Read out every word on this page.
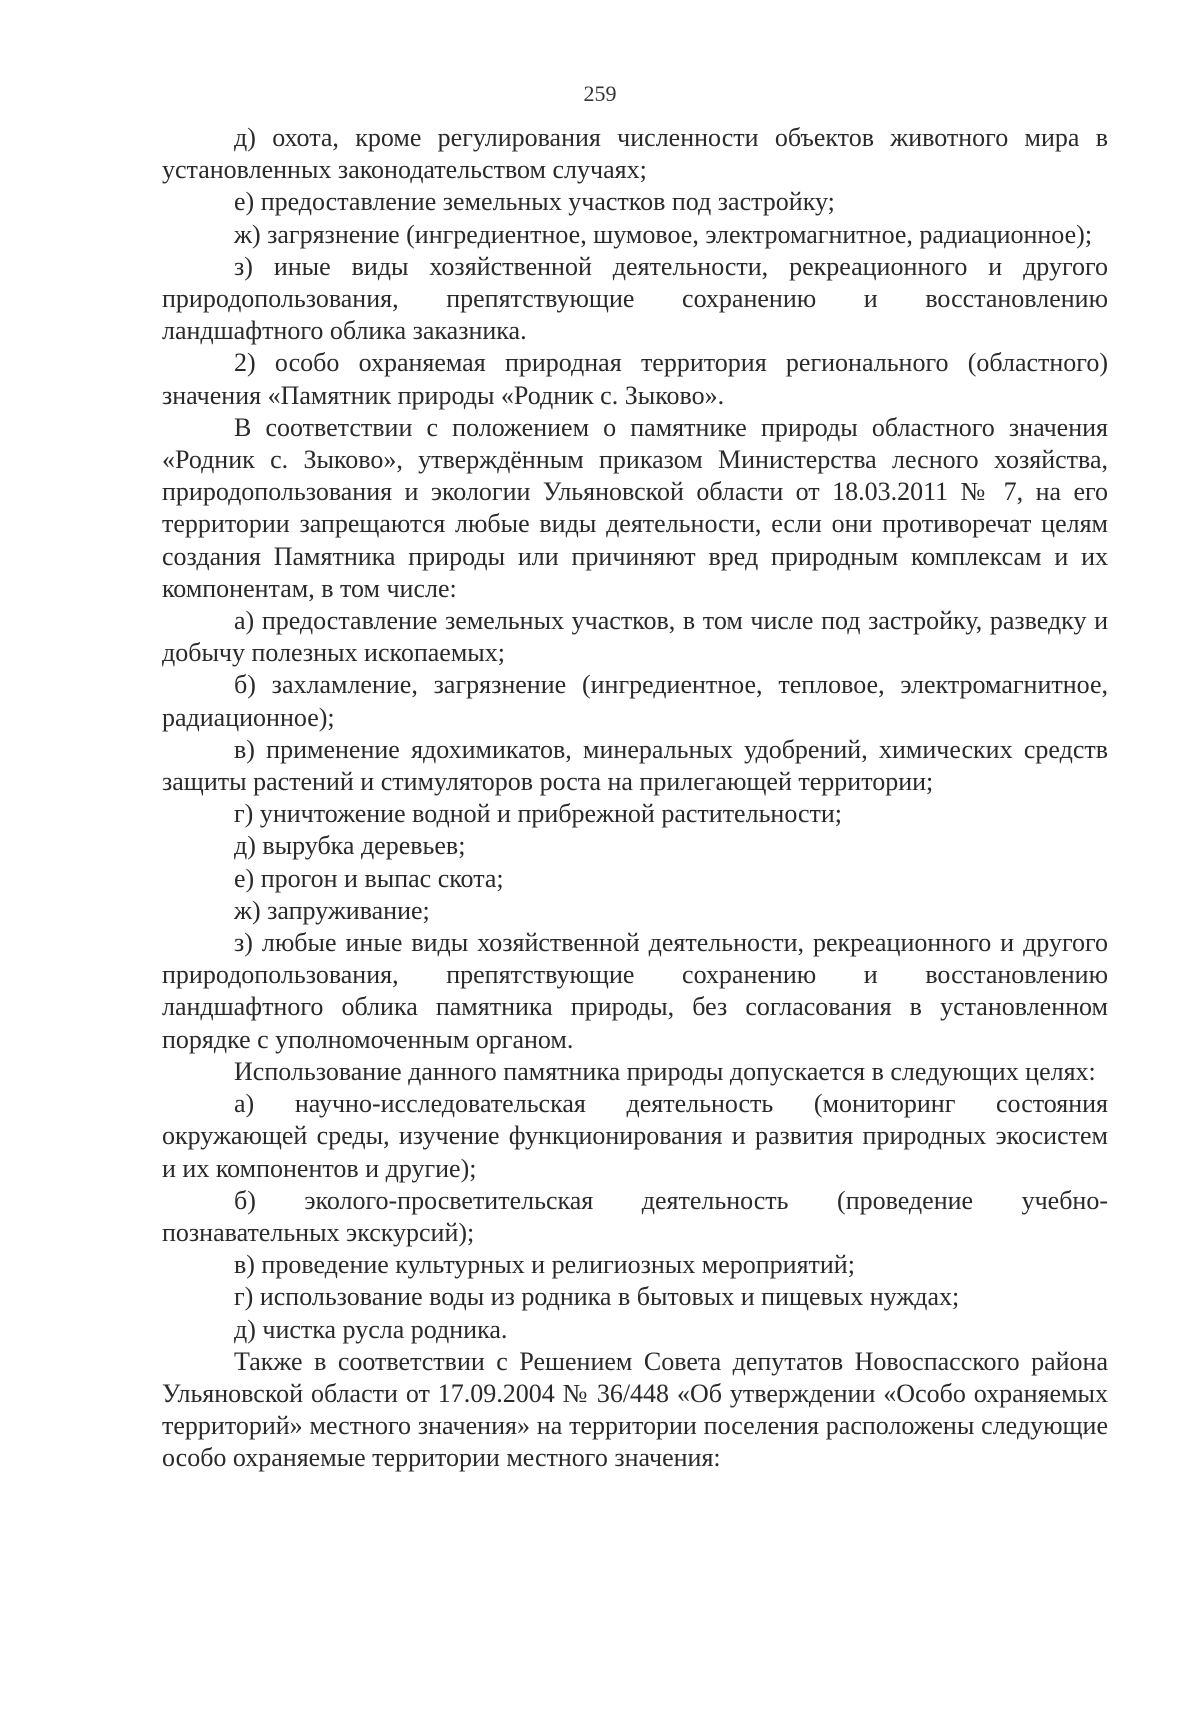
259

д) охота, кроме регулирования численности объектов животного мира в установленных законодательством случаях;

е) предоставление земельных участков под застройку;

ж) загрязнение (ингредиентное, шумовое, электромагнитное, радиационное);

з) иные виды хозяйственной деятельности, рекреационного и другого природопользования, препятствующие сохранению и восстановлению ландшафтного облика заказника.

2) особо охраняемая природная территория регионального (областного) значения «Памятник природы «Родник с. Зыково».

В соответствии с положением о памятнике природы областного значения «Родник с. Зыково», утверждённым приказом Министерства лесного хозяйства, природопользования и экологии Ульяновской области от 18.03.2011 № 7, на его территории запрещаются любые виды деятельности, если они противоречат целям создания Памятника природы или причиняют вред природным комплексам и их компонентам, в том числе:

а) предоставление земельных участков, в том числе под застройку, разведку и добычу полезных ископаемых;

б) захламление, загрязнение (ингредиентное, тепловое, электромагнитное, радиационное);

в) применение ядохимикатов, минеральных удобрений, химических средств защиты растений и стимуляторов роста на прилегающей территории;

г) уничтожение водной и прибрежной растительности;

д) вырубка деревьев;

е) прогон и выпас скота;

ж) запруживание;

з) любые иные виды хозяйственной деятельности, рекреационного и другого природопользования, препятствующие сохранению и восстановлению ландшафтного облика памятника природы, без согласования в установленном порядке с уполномоченным органом.

Использование данного памятника природы допускается в следующих целях:

а) научно-исследовательская деятельность (мониторинг состояния окружающей среды, изучение функционирования и развития природных экосистем и их компонентов и другие);

б) эколого-просветительская деятельность (проведение учебно-познавательных экскурсий);

в) проведение культурных и религиозных мероприятий;

г) использование воды из родника в бытовых и пищевых нуждах;

д) чистка русла родника.

Также в соответствии с Решением Совета депутатов Новоспасского района Ульяновской области от 17.09.2004 № 36/448 «Об утверждении «Особо охраняемых территорий» местного значения» на территории поселения расположены следующие особо охраняемые территории местного значения:
